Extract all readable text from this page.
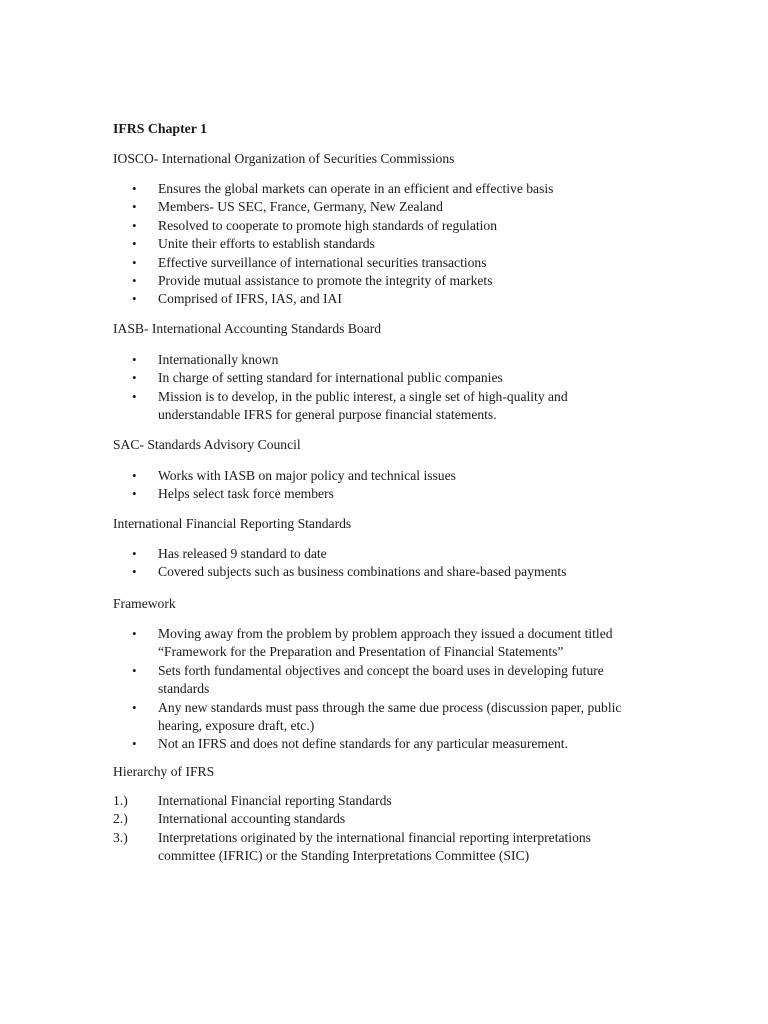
IFRS Chapter 1

IOSCO- International Organization of Securities Commissions

• Ensures the global markets can operate in an efficient and effective basis
• Members- US SEC, France, Germany, New Zealand
• Resolved to cooperate to promote high standards of regulation
• Unite their efforts to establish standards
• Effective surveillance of international securities transactions
• Provide mutual assistance to promote the integrity of markets
• Comprised of IFRS, IAS, and IAI

IASB- International Accounting Standards Board

• Internationally known
• In charge of setting standard for international public companies
• Mission is to develop, in the public interest, a single set of high-quality and understandable IFRS for general purpose financial statements.

SAC- Standards Advisory Council

• Works with IASB on major policy and technical issues
• Helps select task force members

International Financial Reporting Standards

• Has released 9 standard to date
• Covered subjects such as business combinations and share-based payments

Framework

• Moving away from the problem by problem approach they issued a document titled “Framework for the Preparation and Presentation of Financial Statements”
• Sets forth fundamental objectives and concept the board uses in developing future standards
• Any new standards must pass through the same due process (discussion paper, public hearing, exposure draft, etc.)
• Not an IFRS and does not define standards for any particular measurement.

Hierarchy of IFRS

1.) International Financial reporting Standards
2.) International accounting standards
3.) Interpretations originated by the international financial reporting interpretations committee (IFRIC) or the Standing Interpretations Committee (SIC)
